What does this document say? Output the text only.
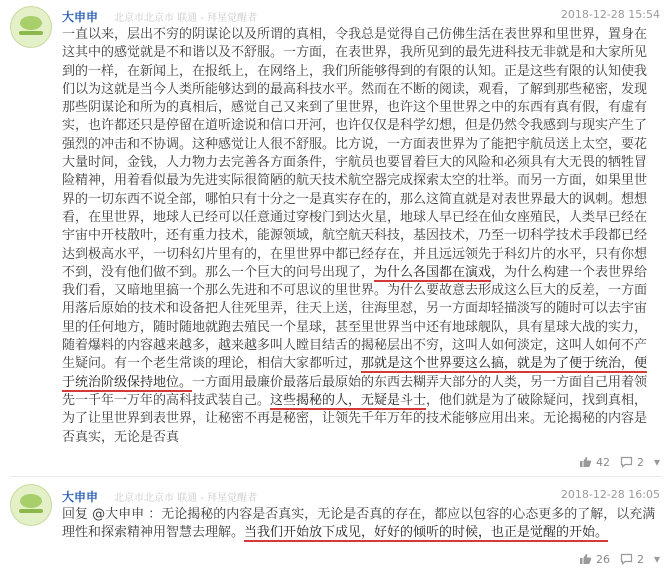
大申申 北京市北京市 联通 - 拜星觉醒者	2018-12-28 15:54

一直以来，层出不穷的阴谋论以及所谓的真相，令我总是觉得自己仿佛生活在表世界和里世界，置身在这其中的感觉就是不和谐以及不舒服。一方面，在表世界，我所见到的最先进科技无非就是和大家所见到的一样，在新闻上，在报纸上，在网络上，我们所能够得到的有限的认知。正是这些有限的认知使我们以为这就是当今人类所能够达到的最高科技水平。然而在不断的阅读，观看，了解到那些秘密，发现那些阴谋论和所为的真相后，感觉自己又来到了里世界，也许这个里世界之中的东西有真有假，有虚有实，也许都还只是停留在道听途说和信口开河，也许仅仅是科学幻想，但是仍然令我感到与现实产生了强烈的冲击和不协调。这种感觉让人很不舒服。比方说，一方面表世界为了能把宇航员送上太空，要花大量时间，金钱，人力物力去完善各方面条件，宇航员也要冒着巨大的风险和必须具有大无畏的牺牲冒险精神，用着看似最为先进实际很简陋的航天技术航空器完成探索太空的壮举。而另一方面，如果里世界的一切东西不说全部，哪怕只有十分之一是真实存在的，那么这简直就是对表世界最大的讽刺。想想看，在里世界，地球人已经可以任意通过穿梭门到达火星，地球人早已经在仙女座殖民，人类早已经在宇宙中开枝散叶，还有重力技术，能源领域，航空航天科技，基因技术，乃至一切科学技术手段都已经达到极高水平，一切科幻片里有的，在里世界中都已经存在，并且远远领先于科幻片的水平，只有你想不到，没有他们做不到。那么一个巨大的问号出现了，为什么各国都在演戏，为什么构建一个表世界给我们看，又暗地里搞一个那么先进和不可思议的里世界。为什么要故意去形成这么巨大的反差，一方面用落后原始的技术和设备把人往死里弄，往天上送，往海里怼，另一方面却轻描淡写的随时可以去宇宙里的任何地方，随时随地就跑去殖民一个星球，甚至里世界当中还有地球舰队，具有星球大战的实力，随着爆料的内容越来越多，越来越多叫人瞠目结舌的揭秘层出不穷，这叫人如何淡定，这叫人如何不产生疑问。有一个老生常谈的理论，相信大家都听过，那就是这个世界要这么搞，就是为了便于统治，便于统治阶级保持地位。一方面用最廉价最落后最原始的东西去糊弄大部分的人类，另一方面自己用着领先一千年一万年的高科技武装自己。这些揭秘的人，无疑是斗士，他们就是为了破除疑问，找到真相，为了让里世界到表世界，让秘密不再是秘密，让领先千年万年的技术能够应用出来。无论揭秘的内容是否真实，无论是否真

42 2 ▾
大申申 北京市北京市 联通 - 拜星觉醒者	2018-12-28 16:05

回复 @大申申 ：无论揭秘的内容是否真实，无论是否真的存在，都应以包容的心态更多的了解，以充满理性和探索精神用智慧去理解。当我们开始放下成见，好好的倾听的时候，也正是觉醒的开始。

26 2 ▾
